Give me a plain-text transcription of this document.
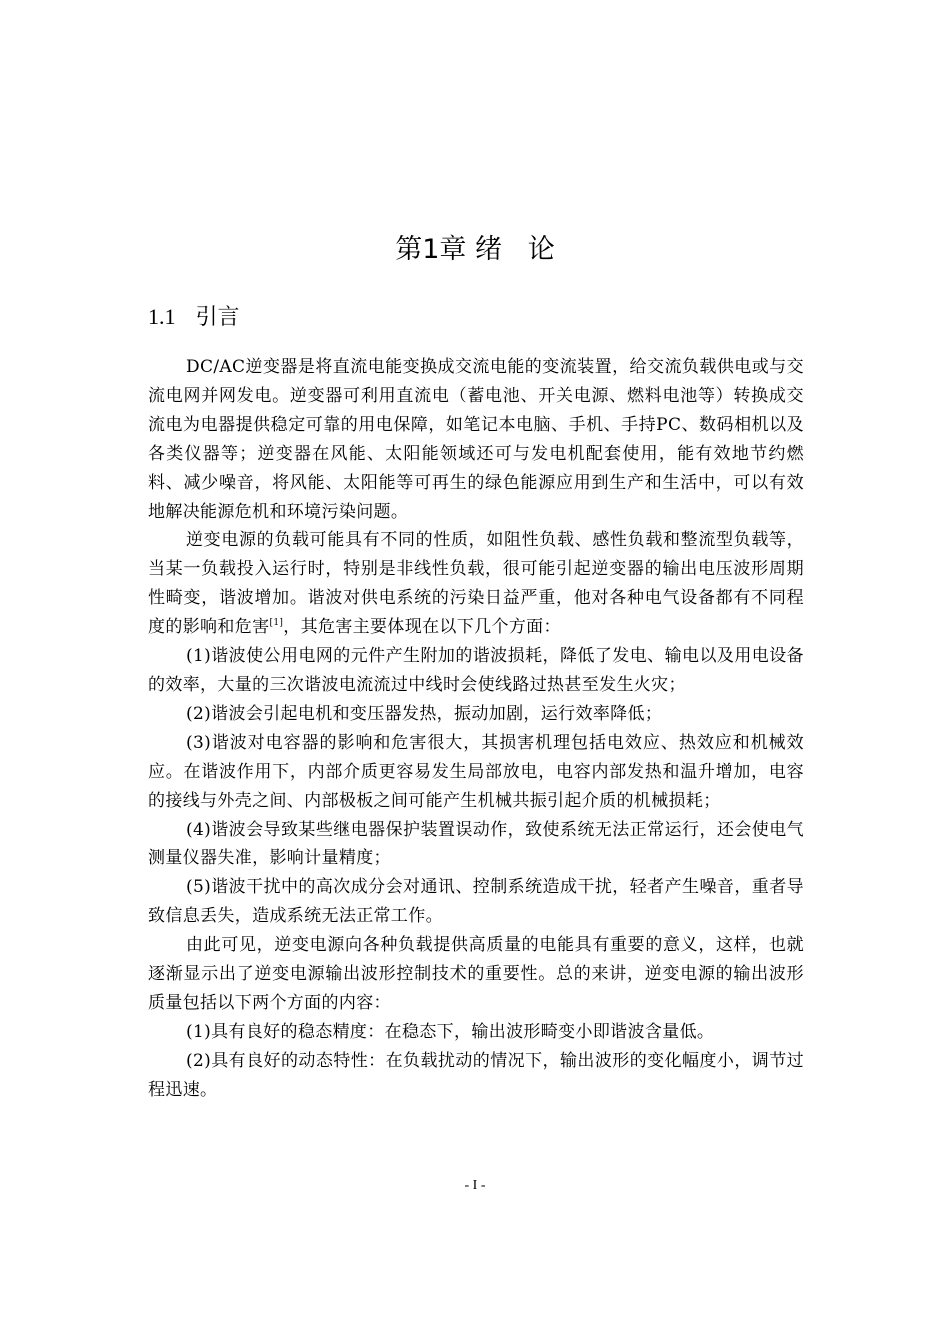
第1章 绪   论
1.1 引言

DC/AC逆变器是将直流电能变换成交流电能的变流装置，给交流负载供电或与交流电网并网发电。逆变器可利用直流电（蓄电池、开关电源、燃料电池等）转换成交流电为电器提供稳定可靠的用电保障，如笔记本电脑、手机、手持PC、数码相机以及各类仪器等；逆变器在风能、太阳能领域还可与发电机配套使用，能有效地节约燃料、减少噪音，将风能、太阳能等可再生的绿色能源应用到生产和生活中，可以有效地解决能源危机和环境污染问题。

逆变电源的负载可能具有不同的性质，如阻性负载、感性负载和整流型负载等，当某一负载投入运行时，特别是非线性负载，很可能引起逆变器的输出电压波形周期性畸变，谐波增加。谐波对供电系统的污染日益严重，他对各种电气设备都有不同程度的影响和危害[1]，其危害主要体现在以下几个方面：

(1)谐波使公用电网的元件产生附加的谐波损耗，降低了发电、输电以及用电设备的效率，大量的三次谐波电流流过中线时会使线路过热甚至发生火灾；

(2)谐波会引起电机和变压器发热，振动加剧，运行效率降低；

(3)谐波对电容器的影响和危害很大，其损害机理包括电效应、热效应和机械效应。在谐波作用下，内部介质更容易发生局部放电，电容内部发热和温升增加，电容的接线与外壳之间、内部极板之间可能产生机械共振引起介质的机械损耗；

(4)谐波会导致某些继电器保护装置误动作，致使系统无法正常运行，还会使电气测量仪器失准，影响计量精度；

(5)谐波干扰中的高次成分会对通讯、控制系统造成干扰，轻者产生噪音，重者导致信息丢失，造成系统无法正常工作。

由此可见，逆变电源向各种负载提供高质量的电能具有重要的意义，这样，也就逐渐显示出了逆变电源输出波形控制技术的重要性。总的来讲，逆变电源的输出波形质量包括以下两个方面的内容：

(1)具有良好的稳态精度：在稳态下，输出波形畸变小即谐波含量低。

(2)具有良好的动态特性：在负载扰动的情况下，输出波形的变化幅度小，调节过程迅速。

- I -
